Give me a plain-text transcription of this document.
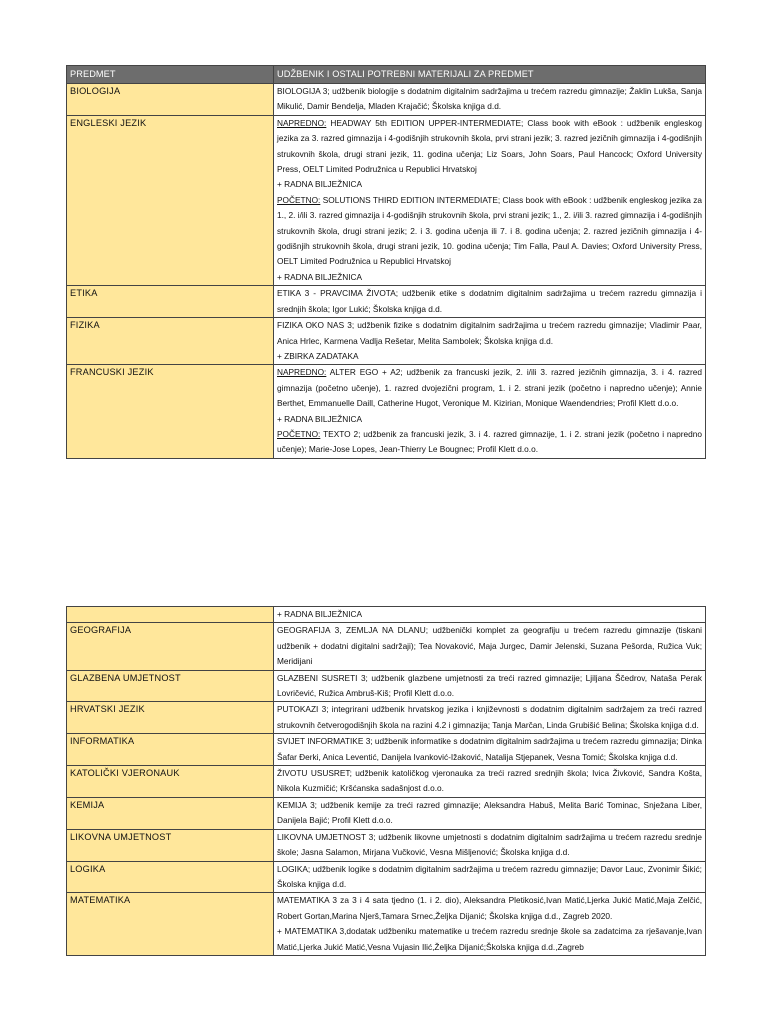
PREDMET	UDŽBENIK I OSTALI POTREBNI MATERIJALI ZA PREDMET
BIOLOGIJA	BIOLOGIJA 3; udžbenik biologije s dodatnim digitalnim sadržajima u trećem razredu gimnazije; Žaklin Lukša, Sanja Mikulić, Damir Bendelja, Mladen Krajačić; Školska knjiga d.d.

ENGLESKI JEZIK	NAPREDNO: HEADWAY 5th EDITION UPPER-INTERMEDIATE; Class book with eBook : udžbenik engleskog jezika za 3. razred gimnazija i 4-godišnjih strukovnih škola, prvi strani jezik; 3. razred jezičnih gimnazija i 4-godišnjih strukovnih škola, drugi strani jezik, 11. godina učenja; Liz Soars, John Soars, Paul Hancock; Oxford University Press, OELT Limited Podružnica u Republici Hrvatskoj

+ RADNA BILJEŽNICA

POČETNO: SOLUTIONS THIRD EDITION INTERMEDIATE; Class book with eBook : udžbenik engleskog jezika za 1., 2. i/ili 3. razred gimnazija i 4-godišnjih strukovnih škola, prvi strani jezik; 1., 2. i/ili 3. razred gimnazija i 4-godišnjih strukovnih škola, drugi strani jezik; 2. i 3. godina učenja ili 7. i 8. godina učenja; 2. razred jezičnih gimnazija i 4-godišnjih strukovnih škola, drugi strani jezik, 10. godina učenja; Tim Falla, Paul A. Davies; Oxford University Press, OELT Limited Podružnica u Republici Hrvatskoj

+ RADNA BILJEŽNICA

ETIKA	ETIKA 3 - PRAVCIMA ŽIVOTA; udžbenik etike s dodatnim digitalnim sadržajima u trećem razredu gimnazija i srednjih škola; Igor Lukić; Školska knjiga d.d.

FIZIKA	FIZIKA OKO NAS 3; udžbenik fizike s dodatnim digitalnim sadržajima u trećem razredu gimnazije; Vladimir Paar, Anica Hrlec, Karmena Vadlja Rešetar, Melita Sambolek; Školska knjiga d.d.

+ ZBIRKA ZADATAKA

FRANCUSKI JEZIK	NAPREDNO: ALTER EGO + A2; udžbenik za francuski jezik, 2. i/ili 3. razred jezičnih gimnazija, 3. i 4. razred gimnazija (početno učenje), 1. razred dvojezični program, 1. i 2. strani jezik (početno i napredno učenje); Annie Berthet, Emmanuelle Daill, Catherine Hugot, Veronique M. Kizirian, Monique Waendendries; Profil Klett d.o.o.

+ RADNA BILJEŽNICA

POČETNO: TEXTO 2; udžbenik za francuski jezik, 3. i 4. razred gimnazije, 1. i 2. strani jezik (početno i napredno učenje); Marie-Jose Lopes, Jean-Thierry Le Bougnec; Profil Klett d.o.o.

	+ RADNA BILJEŽNICA

GEOGRAFIJA	GEOGRAFIJA 3, ZEMLJA NA DLANU; udžbenički komplet za geografiju u trećem razredu gimnazije (tiskani udžbenik + dodatni digitalni sadržaji); Tea Novaković, Maja Jurgec, Damir Jelenski, Suzana Pešorda, Ružica Vuk; Meridijani

GLAZBENA UMJETNOST	GLAZBENI SUSRETI 3; udžbenik glazbene umjetnosti za treći razred gimnazije; Ljiljana Ščedrov, Nataša Perak Lovričević, Ružica Ambruš-Kiš; Profil Klett d.o.o.

HRVATSKI JEZIK	PUTOKAZI 3; integrirani udžbenik hrvatskog jezika i književnosti s dodatnim digitalnim sadržajem za treći razred strukovnih četverogodišnjih škola na razini 4.2 i gimnazija; Tanja Marčan, Linda Grubišić Belina; Školska knjiga d.d.

INFORMATIKA	SVIJET INFORMATIKE 3; udžbenik informatike s dodatnim digitalnim sadržajima u trećem razredu gimnazija; Dinka Šafar Đerki, Anica Leventić, Danijela Ivanković-Ižaković, Natalija Stjepanek, Vesna Tomić; Školska knjiga d.d.

KATOLIČKI VJERONAUK	ŽIVOTU USUSRET; udžbenik katoličkog vjeronauka za treći razred srednjih škola; Ivica Živković, Sandra Košta, Nikola Kuzmičić; Kršćanska sadašnjost d.o.o.

KEMIJA	KEMIJA 3; udžbenik kemije za treći razred gimnazije; Aleksandra Habuš, Melita Barić Tominac, Snježana Liber, Danijela Bajić; Profil Klett d.o.o.

LIKOVNA UMJETNOST	LIKOVNA UMJETNOST 3; udžbenik likovne umjetnosti s dodatnim digitalnim sadržajima u trećem razredu srednje škole; Jasna Salamon, Mirjana Vučković, Vesna Mišljenović; Školska knjiga d.d.

LOGIKA	LOGIKA; udžbenik logike s dodatnim digitalnim sadržajima u trećem razredu gimnazije; Davor Lauc, Zvonimir Šikić; Školska knjiga d.d.

MATEMATIKA	MATEMATIKA 3 za 3 i 4 sata tjedno (1. i 2. dio), Aleksandra Pletikosić,Ivan Matić,Ljerka Jukić Matić,Maja Zelčić, Robert Gortan,Marina Njerš,Tamara Srnec,Željka Dijanić; Školska knjiga d.d., Zagreb 2020.

+ MATEMATIKA 3,dodatak udžbeniku matematike u trećem razredu srednje škole sa zadatcima za rješavanje,Ivan Matić,Ljerka Jukić Matić,Vesna Vujasin Ilić,Željka Dijanić;Školska knjiga d.d.,Zagreb
